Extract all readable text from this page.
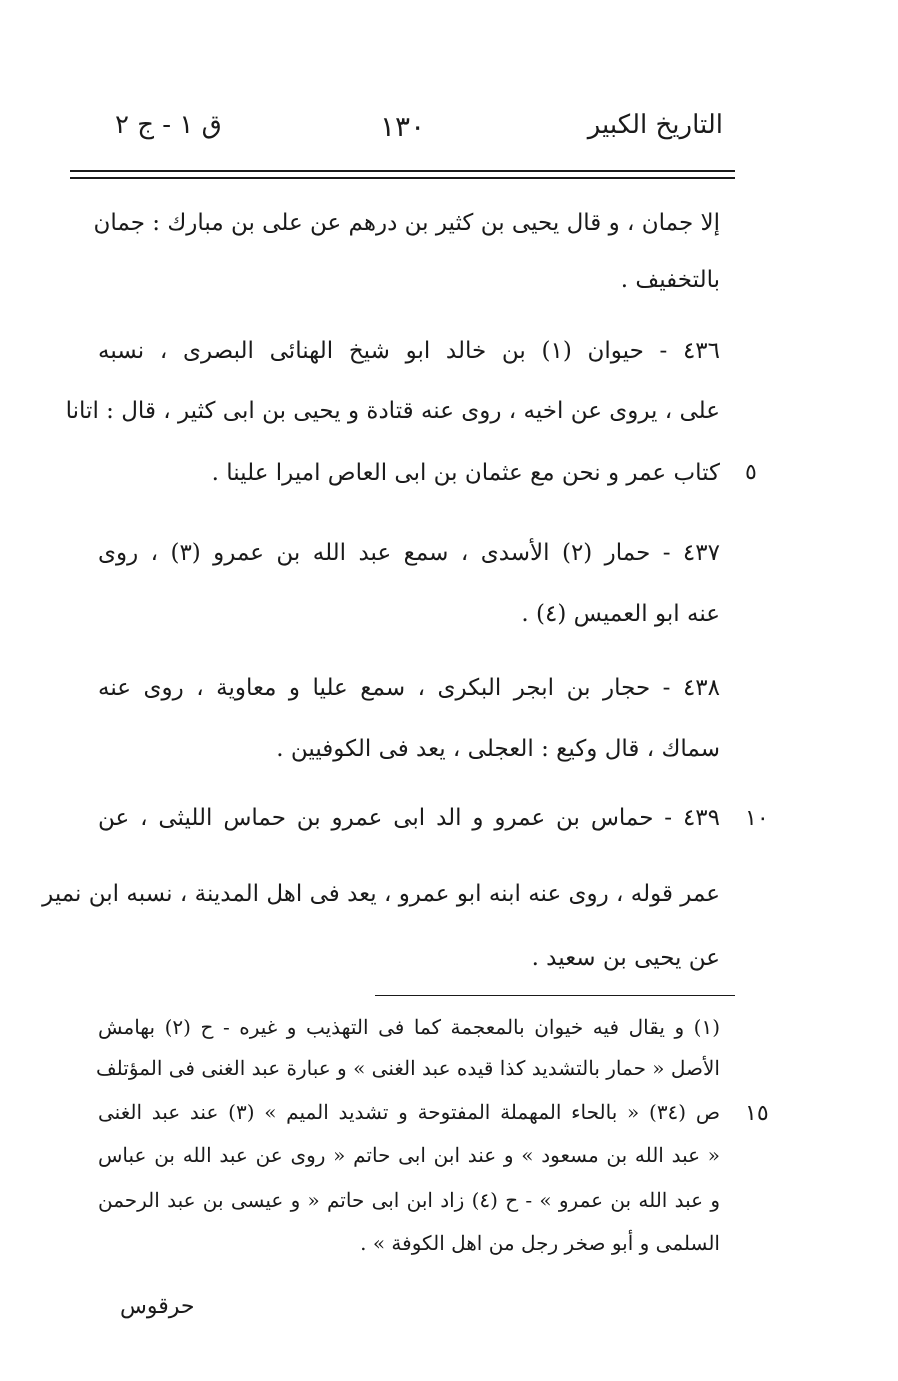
التاريخ الكبير
١٣٠
ق ١ - ج ٢
إلا جمان ، و قال يحيى بن كثير بن درهم عن على بن مبارك : جمان
بالتخفيف .
٤٣٦ - حيوان (١) بن خالد ابو شيخ الهنائى البصرى ، نسبه
على ، يروى عن اخيه ، روى عنه قتادة و يحيى بن ابى كثير ، قال : اتانا
كتاب عمر و نحن مع عثمان بن ابى العاص اميرا علينا .
٤٣٧ - حمار (٢) الأسدى ، سمع عبد الله بن عمرو (٣) ، روى
عنه ابو العميس (٤) .
٤٣٨ - حجار بن ابجر البكرى ، سمع عليا و معاوية ، روى عنه
سماك ، قال وكيع : العجلى ، يعد فى الكوفيين .
٤٣٩ - حماس بن عمرو و الد ابى عمرو بن حماس الليثى ، عن
عمر قوله ، روى عنه ابنه ابو عمرو ، يعد فى اهل المدينة ، نسبه ابن نمير
عن يحيى بن سعيد .
٥
١٠
١٥
(١) و يقال فيه خيوان بالمعجمة كما فى التهذيب و غيره - ح (٢) بهامش
الأصل « حمار بالتشديد كذا قيده عبد الغنى » و عبارة عبد الغنى فى المؤتلف
ص (٣٤) « بالحاء المهملة المفتوحة و تشديد الميم » (٣) عند عبد الغنى
« عبد الله بن مسعود » و عند ابن ابى حاتم « روى عن عبد الله بن عباس
و عبد الله بن عمرو » - ح (٤) زاد ابن ابى حاتم « و عيسى بن عبد الرحمن
السلمى و أبو صخر رجل من اهل الكوفة » .
حرقوس
